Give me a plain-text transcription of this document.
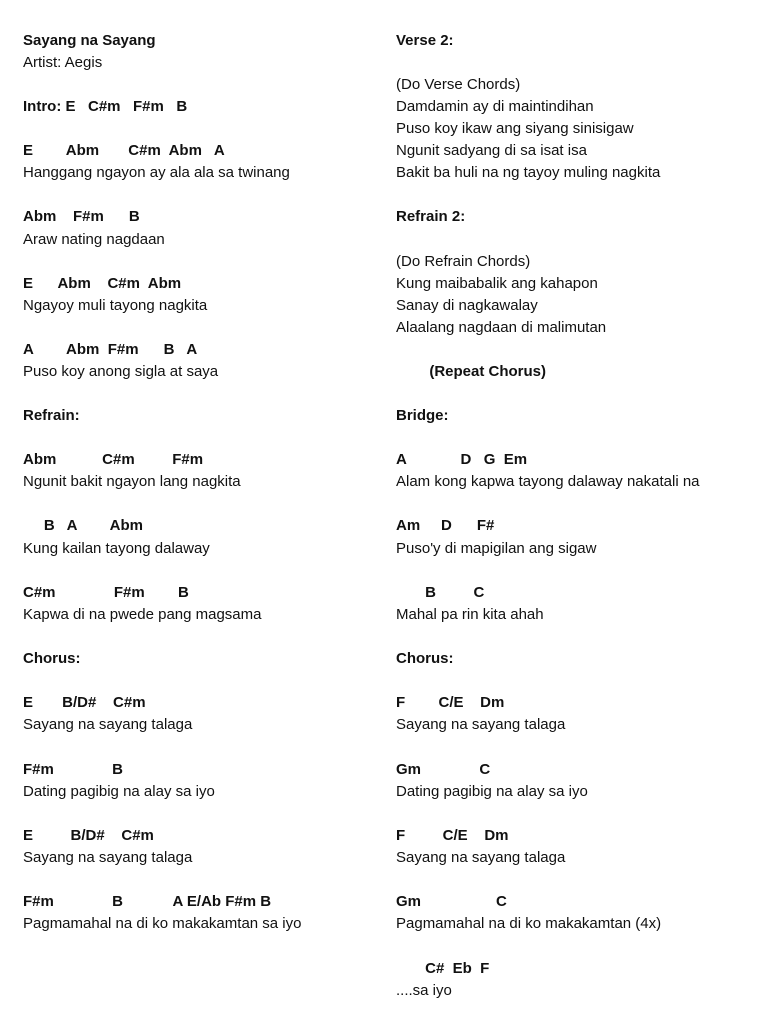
Sayang na Sayang
Artist: Aegis
Intro: E   C#m   F#m   B
E        Abm       C#m  Abm   A
Hanggang ngayon ay ala ala sa twinang
Abm    F#m      B
Araw nating nagdaan
E      Abm    C#m  Abm
Ngayoy muli tayong nagkita
A        Abm  F#m      B   A
Puso koy anong sigla at saya
Refrain:
Abm           C#m         F#m
Ngunit bakit ngayon lang nagkita
B   A        Abm
Kung kailan tayong dalaway
C#m              F#m        B
Kapwa di na pwede pang magsama
Chorus:
E       B/D#    C#m
Sayang na sayang talaga
F#m              B
Dating pagibig na alay sa iyo
E         B/D#    C#m
Sayang na sayang talaga
F#m              B            A E/Ab F#m B
Pagmamahal na di ko makakamtan sa iyo
Verse 2:
(Do Verse Chords)
Damdamin ay di maintindihan
Puso koy ikaw ang siyang sinisigaw
Ngunit sadyang di sa isat isa
Bakit ba huli na ng tayoy muling nagkita
Refrain 2:
(Do Refrain Chords)
Kung maibabalik ang kahapon
Sanay di nagkawalay
Alaalang nagdaan di malimutan
(Repeat Chorus)
Bridge:
A             D   G  Em
Alam kong kapwa tayong dalaway nakatali na
Am     D      F#
Puso'y di mapigilan ang sigaw
B         C
Mahal pa rin kita ahah
Chorus:
F        C/E    Dm
Sayang na sayang talaga
Gm              C
Dating pagibig na alay sa iyo
F         C/E    Dm
Sayang na sayang talaga
Gm                  C
Pagmamahal na di ko makakamtan (4x)
C#  Eb  F
....sa iyo
